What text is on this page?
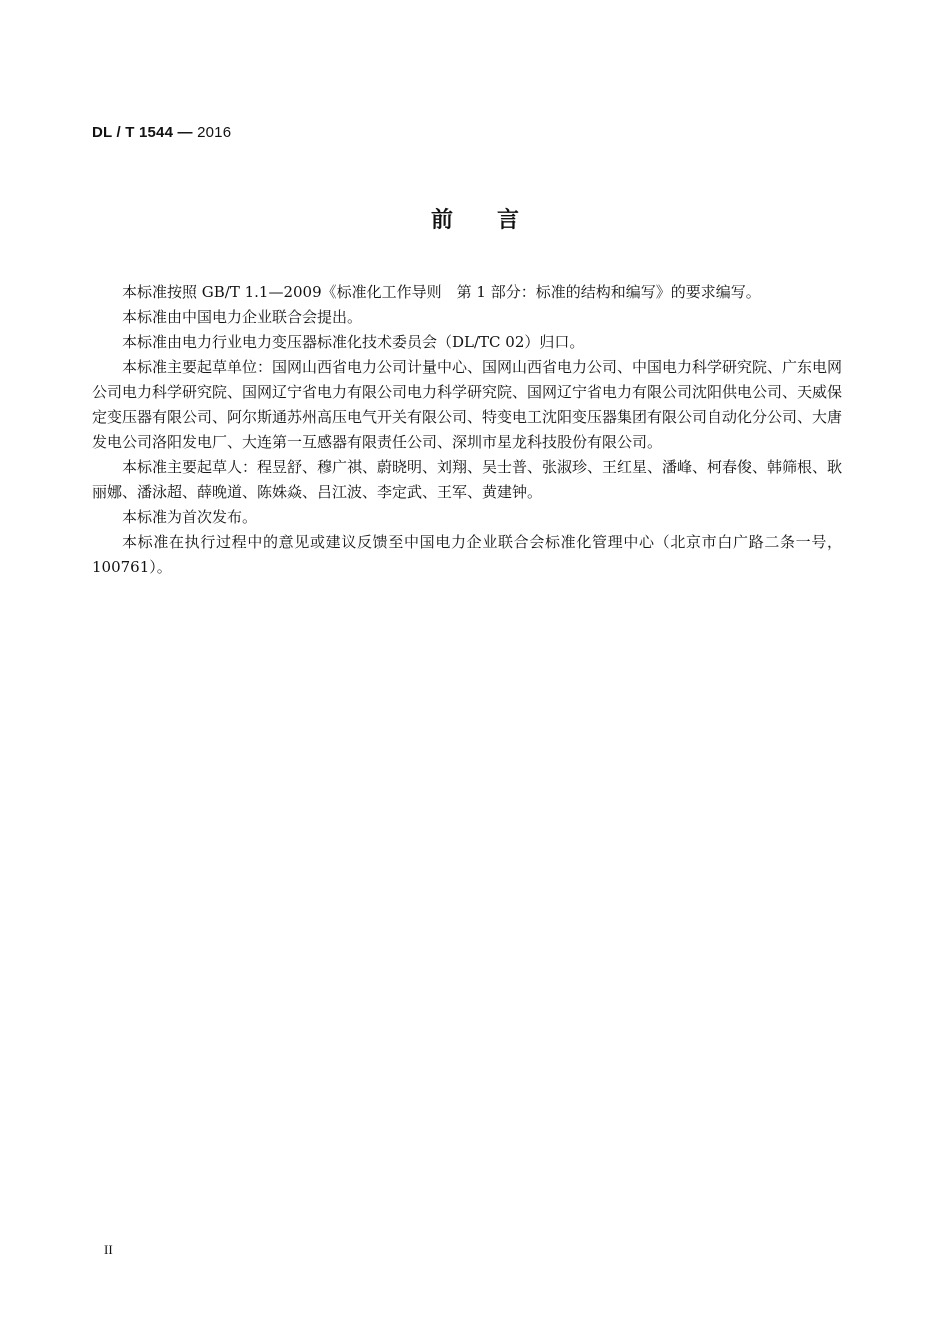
DL / T 1544 — 2016
前 言

本标准按照 GB/T 1.1—2009《标准化工作导则　第 1 部分：标准的结构和编写》的要求编写。

本标准由中国电力企业联合会提出。

本标准由电力行业电力变压器标准化技术委员会（DL/TC 02）归口。

本标准主要起草单位：国网山西省电力公司计量中心、国网山西省电力公司、中国电力科学研究院、广东电网公司电力科学研究院、国网辽宁省电力有限公司电力科学研究院、国网辽宁省电力有限公司沈阳供电公司、天威保定变压器有限公司、阿尔斯通苏州高压电气开关有限公司、特变电工沈阳变压器集团有限公司自动化分公司、大唐发电公司洛阳发电厂、大连第一互感器有限责任公司、深圳市星龙科技股份有限公司。

本标准主要起草人：程昱舒、穆广祺、蔚晓明、刘翔、吴士普、张淑珍、王红星、潘峰、柯春俊、韩筛根、耿丽娜、潘泳超、薛晚道、陈姝焱、吕江波、李定武、王军、黄建钟。

本标准为首次发布。

本标准在执行过程中的意见或建议反馈至中国电力企业联合会标准化管理中心（北京市白广路二条一号，100761）。

II
